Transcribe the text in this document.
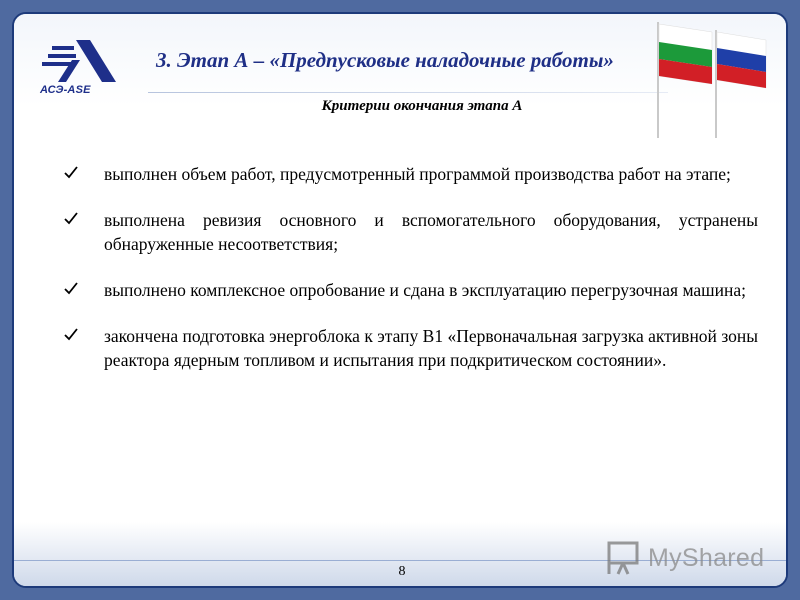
АСЭ-ASE
3. Этап А – «Предпусковые наладочные работы»
Критерии окончания этапа А
выполнен объем работ, предусмотренный программой производства работ на этапе;
выполнена ревизия основного и вспомогательного оборудования, устранены обнаруженные несоответствия;
выполнено комплексное опробование и сдана в эксплуатацию перегрузочная машина;
закончена подготовка энергоблока к этапу В1 «Первоначальная загрузка активной зоны реактора ядерным топливом и испытания при подкритическом состоянии».
8	MyShared
